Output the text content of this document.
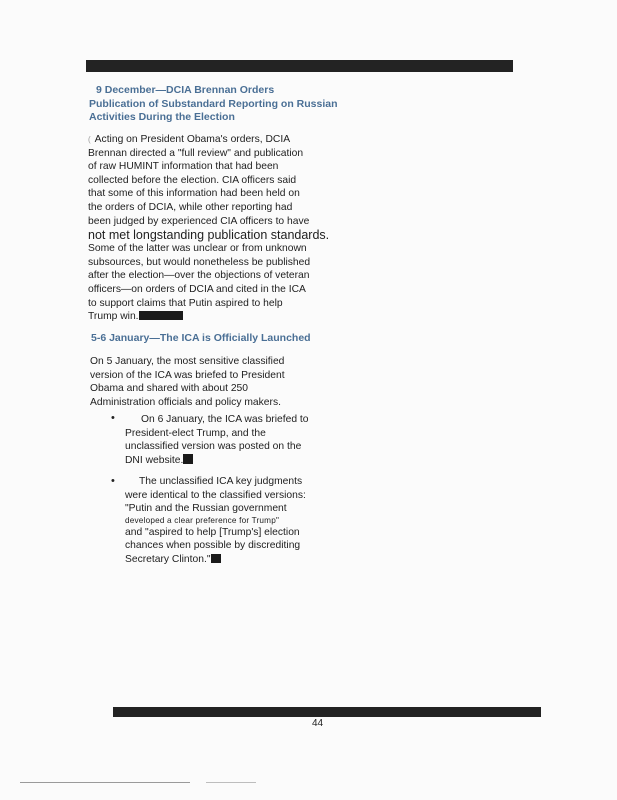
9 December—DCIA Brennan Orders
Publication of Substandard Reporting on Russian
Activities During the Election

( Acting on President Obama's orders, DCIA

Brennan directed a "full review" and publication

of raw HUMINT information that had been

collected before the election. CIA officers said

that some of this information had been held on

the orders of DCIA, while other reporting had

been judged by experienced CIA officers to have

not met longstanding publication standards.

Some of the latter was unclear or from unknown

subsources, but would nonetheless be published

after the election—over the objections of veteran

officers—on orders of DCIA and cited in the ICA

to support claims that Putin aspired to help

Trump win.

5-6 January—The ICA is Officially Launched

On 5 January, the most sensitive classified

version of the ICA was briefed to President

Obama and shared with about 250

Administration officials and policy makers.

•	On 6 January, the ICA was briefed to

President-elect Trump, and the

unclassified version was posted on the

DNI website.

•	The unclassified ICA key judgments

were identical to the classified versions:

"Putin and the Russian government

developed a clear preference for Trump"

and "aspired to help [Trump's] election

chances when possible by discrediting

Secretary Clinton."

44
